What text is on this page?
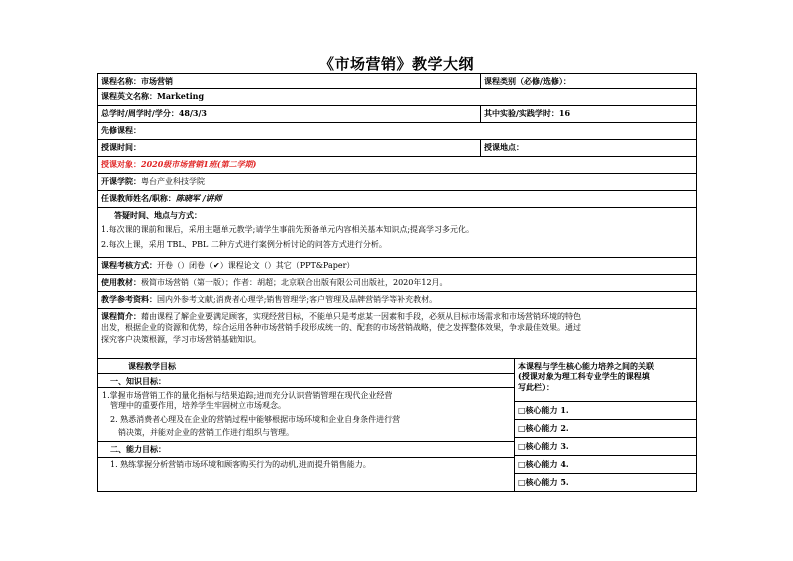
《市场营销》教学大纲
课程名称：市场营销	课程类别（必修/选修）：
课程英文名称：Marketing
总学时/周学时/学分：48/3/3	其中实验/实践学时：16
先修课程：
授课时间：	授课地点：
授课对象：2020级市场营销1班(第二学期)
开课学院：粤台产业科技学院
任课教师姓名/职称：陈晓军 /讲师
答疑时间、地点与方式：
1.每次课的课前和课后，采用主题单元教学;请学生事前先预备单元内容相关基本知识点;提高学习多元化。
2.每次上课，采用 TBL、PBL 二种方式进行案例分析讨论的问答方式进行分析。
课程考核方式：开卷（）闭卷（✔）课程论文（）其它（PPT&Paper）
使用教材：极简市场营销（第一版）；作者：胡超；北京联合出版有限公司出版社，2020年12月。
教学参考资料：国内外参考文献;消费者心理学;销售管理学;客户管理及品牌营销学等补充教材。
课程简介：藉由课程了解企业要满足顾客，实现经营目标，不能单只是考虑某一因素和手段，必须从目标市场需求和市场营销环境的特色
出发，根据企业的资源和优势，综合运用各种市场营销手段形成统一的、配套的市场营销战略，使之发挥整体效果，争求最佳效果。通过
探究客户决策根源，学习市场营销基础知识。
课程教学目标
一、知识目标：
1.掌握市场营销工作的量化指标与结果追踪;进而充分认识营销管理在现代企业经营
管理中的重要作用，培养学生牢固树立市场观念。
2. 熟悉消费者心理及在企业的营销过程中能够根据市场环境和企业自身条件进行营
销决策，并能对企业的营销工作进行组织与管理。
二、能力目标：
1. 熟练掌握分析营销市场环境和顾客购买行为的动机,进而提升销售能力。
本课程与学生核心能力培养之间的关联
(授课对象为理工科专业学生的课程填
写此栏）：
□核心能力 1.
□核心能力 2.
□核心能力 3.
□核心能力 4.
□核心能力 5.
